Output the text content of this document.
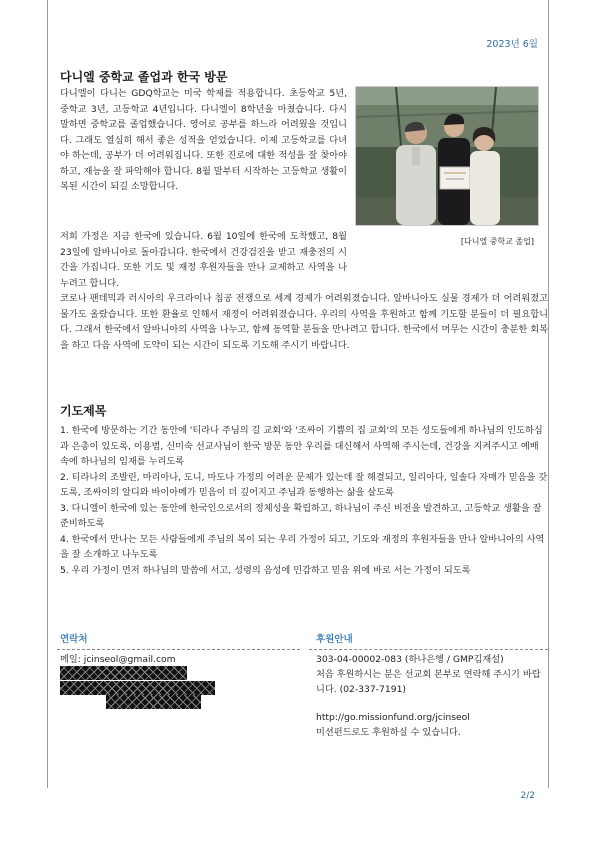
2023년 6월
다니엘 중학교 졸업과 한국 방문

다니엘이 다니는 GDQ학교는 미국 학제를 적용합니다. 초등학교 5년, 중학교 3년, 고등학교 4년입니다. 다니엘이 8학년을 마쳤습니다. 다시 말하면 중학교를 졸업했습니다. 영어로 공부를 하느라 어려웠을 것입니다. 그래도 열심히 해서 좋은 성적을 얻었습니다. 이제 고등학교를 다녀야 하는데, 공부가 더 어려워집니다. 또한 진로에 대한 적성을 잘 찾아야 하고, 재능을 잘 파악해야 합니다. 8월 말부터 시작하는 고등학교 생활이 복된 시간이 되길 소망합니다.

저희 가정은 지금 한국에 있습니다. 6월 10일에 한국에 도착했고, 8월 23일에 알바니아로 돌아갑니다. 한국에서 건강검진을 받고 재충전의 시간을 가집니다. 또한 기도 및 재정 후원자들을 만나 교제하고 사역을 나누려고 합니다.

코로나 팬데믹과 러시아의 우크라이나 침공 전쟁으로 세계 경제가 어려워졌습니다. 알바니아도 실물 경제가 더 어려워졌고 물가도 올랐습니다. 또한 환율로 인해서 재정이 어려워졌습니다. 우리의 사역을 후원하고 함께 기도할 분들이 더 필요합니다. 그래서 한국에서 알바니아의 사역을 나누고, 함께 동역할 분들을 만나려고 합니다. 한국에서 머무는 시간이 충분한 회복을 하고 다음 사역에 도약이 되는 시간이 되도록 기도해 주시기 바랍니다.

[다니엘 중학교 졸업]
기도제목
1. 한국에 방문하는 기간 동안에 '티라나 주님의 길 교회'와 '조싸이 기쁨의 집 교회'의 모든 성도들에게 하나님의 인도하심과 은총이 있도록, 이용범, 신미숙 선교사님이 한국 방문 동안 우리를 대신해서 사역해 주시는데, 건강을 지켜주시고 예배 속에 하나님의 임재를 누리도록
2. 티라나의 조발린, 마리아나, 도니, 마도나 가정의 어려운 문제가 있는데 잘 해결되고, 일리아다, 일솔다 자매가 믿음을 갖도록, 조싸이의 알디와 바이아메가 믿음이 더 깊어지고 주님과 동행하는 삶을 살도록
3. 다니엘이 한국에 있는 동안에 한국인으로서의 정체성을 확립하고, 하나님이 주신 비전을 발견하고, 고등학교 생활을 잘 준비하도록
4. 한국에서 만나는 모든 사람들에게 주님의 복이 되는 우리 가정이 되고, 기도와 재정의 후원자들을 만나 알바니아의 사역을 잘 소개하고 나누도록
5. 우리 가정이 먼저 하나님의 말씀에 서고, 성령의 음성에 민감하고 믿음 위에 바로 서는 가정이 되도록
연락처
메일: jcinseol@gmail.com
후원안내
303-04-00002-083 (하나은행 / GMP김재설)
처음 후원하시는 분은 선교회 본부로 연락해 주시기 바랍니다. (02-337-7191)
http://go.missionfund.org/jcinseol
미션펀드로도 후원하실 수 있습니다.
2/2
